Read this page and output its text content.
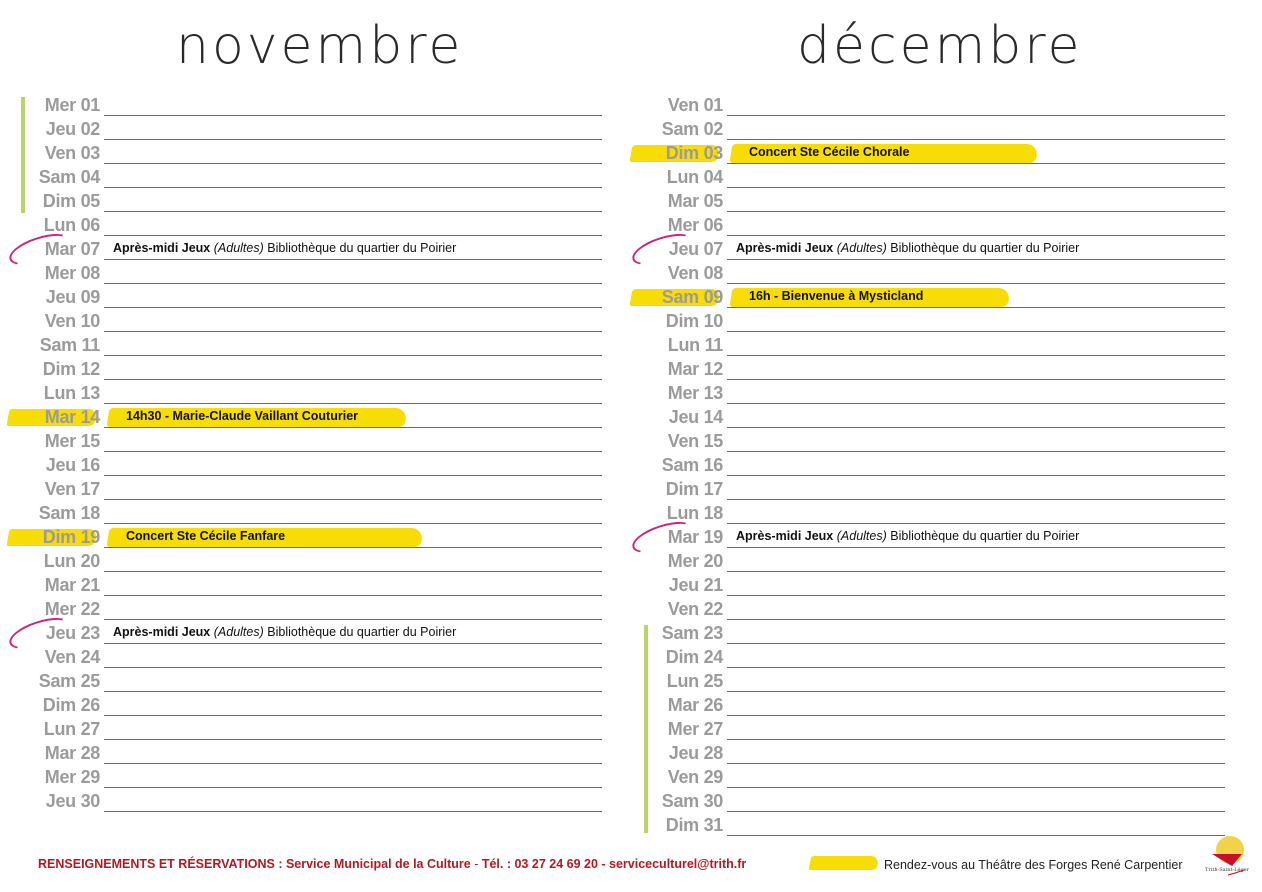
novembre	décembre
Mer 01
Jeu 02
Ven 03
Sam 04
Dim 05
Lun 06
Mar 07 Après-midi Jeux (Adultes) Bibliothèque du quartier du Poirier
Mer 08
Jeu 09
Ven 10
Sam 11
Dim 12
Lun 13
Mar 14 14h30 - Marie-Claude Vaillant Couturier
Mer 15
Jeu 16
Ven 17
Sam 18
Dim 19 Concert Ste Cécile Fanfare
Lun 20
Mar 21
Mer 22
Jeu 23 Après-midi Jeux (Adultes) Bibliothèque du quartier du Poirier
Ven 24
Sam 25
Dim 26
Lun 27
Mar 28
Mer 29
Jeu 30
Ven 01
Sam 02
Dim 03 Concert Ste Cécile Chorale
Lun 04
Mar 05
Mer 06
Jeu 07 Après-midi Jeux (Adultes) Bibliothèque du quartier du Poirier
Ven 08
Sam 09 16h - Bienvenue à Mysticland
Dim 10
Lun 11
Mar 12
Mer 13
Jeu 14
Ven 15
Sam 16
Dim 17
Lun 18
Mar 19 Après-midi Jeux (Adultes) Bibliothèque du quartier du Poirier
Mer 20
Jeu 21
Ven 22
Sam 23
Dim 24
Lun 25
Mar 26
Mer 27
Jeu 28
Ven 29
Sam 30
Dim 31
RENSEIGNEMENTS ET RÉSERVATIONS : Service Municipal de la Culture - Tél. : 03 27 24 69 20 - serviceculturel@trith.fr	Rendez-vous au Théâtre des Forges René Carpentier	Trith-Saint-Léger
